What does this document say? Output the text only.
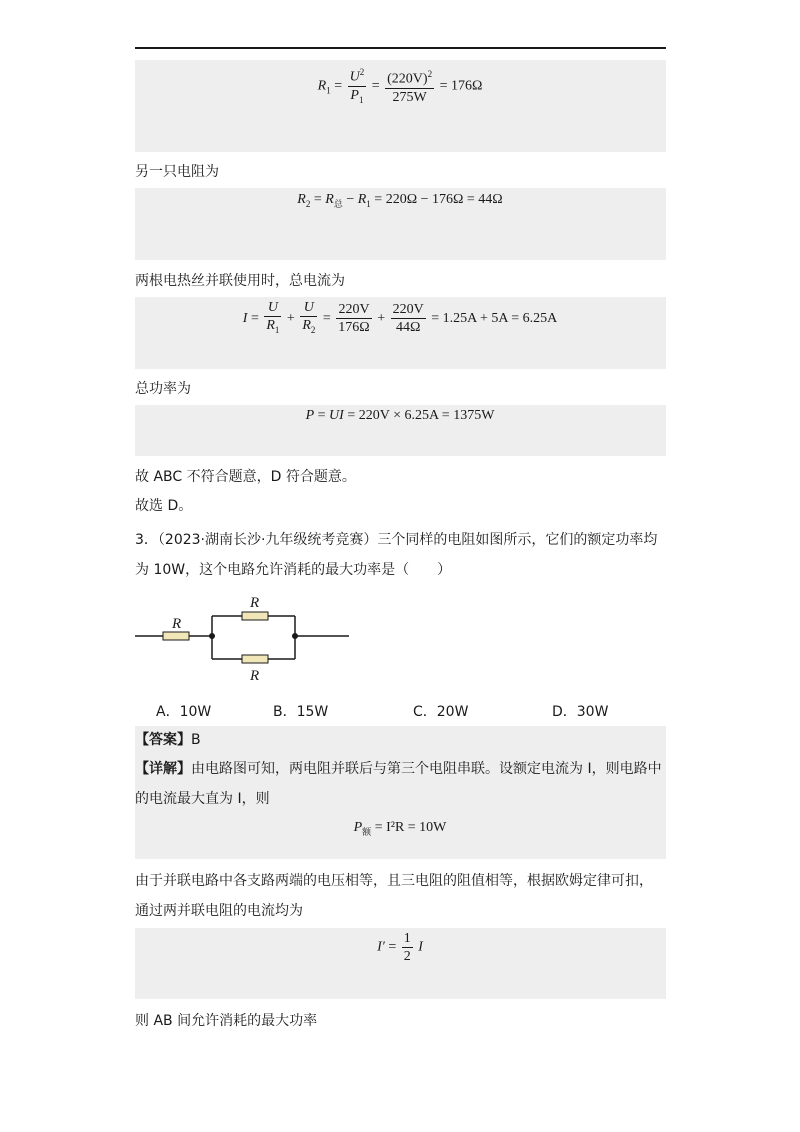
$R_1 = \frac{U^2}{P_1} = \frac{(220V)^2}{275W} = 176\Omega$
另一只电阻为
$R_2 = R_总 - R_1 = 220\Omega - 176\Omega = 44\Omega$
两根电热丝并联使用时，总电流为
$I = \frac{U}{R_1} + \frac{U}{R_2} = \frac{220V}{176\Omega} + \frac{220V}{44\Omega} = 1.25A + 5A = 6.25A$
总功率为
P = UI = 220V × 6.25A = 1375W
故 ABC 不符合题意，D 符合题意。
故选 D。
3．（2023·湖南长沙·九年级统考竞赛）三个同样的电阻如图所示，它们的额定功率均
为 10W，这个电路允许消耗的最大功率是（　　）
R
R
R
A．10W	B．15W	C．20W	D．30W
【答案】B
【详解】由电路图可知，两电阻并联后与第三个电阻串联。设额定电流为 I，则电路中
的电流最大直为 I，则
$P_额 = I^2R = 10W$
由于并联电路中各支路两端的电压相等，且三电阻的阻值相等，根据欧姆定律可扣，
通过两并联电阻的电流均为
$I' = \frac{1}{2}$ I
则 AB 间允许消耗的最大功率
